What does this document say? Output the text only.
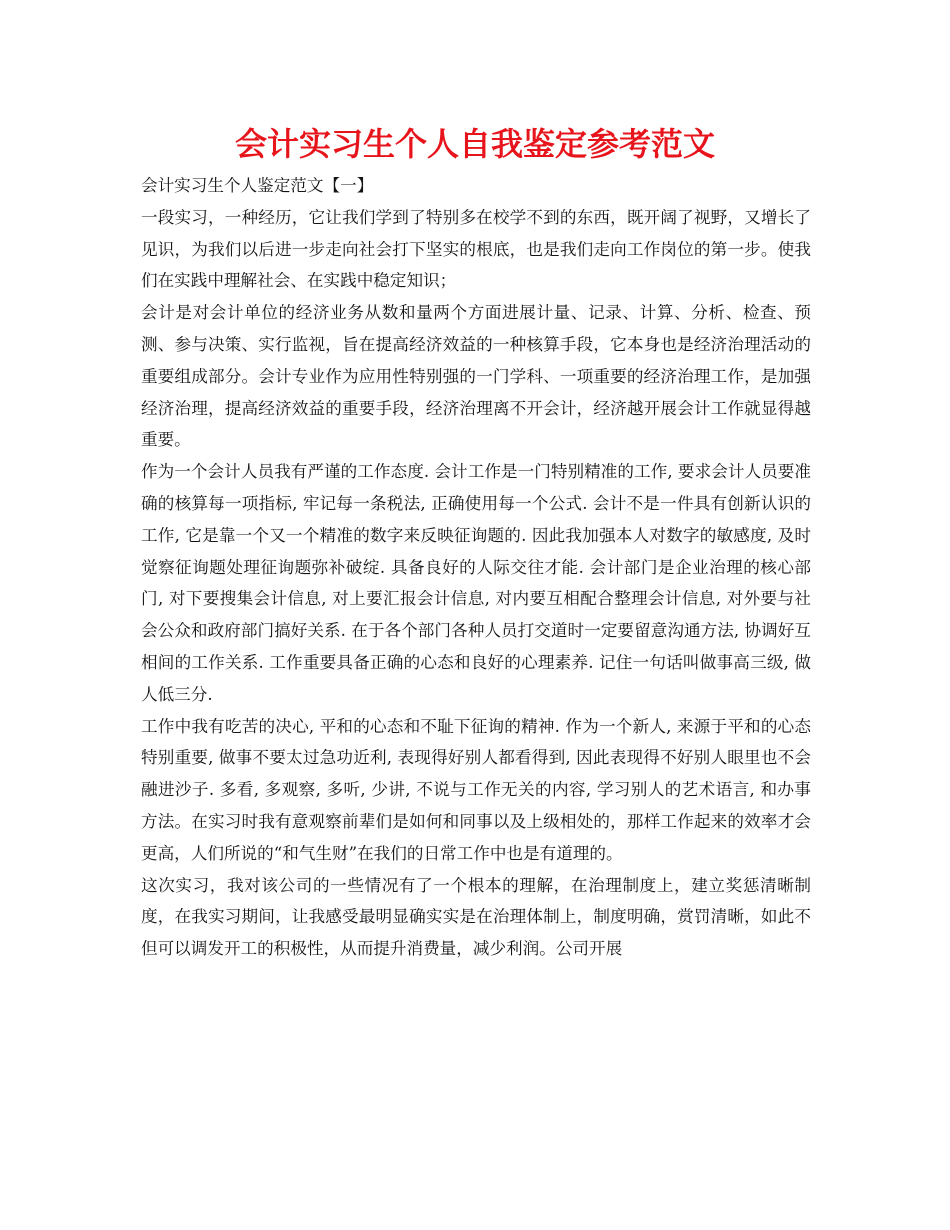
会计实习生个人自我鉴定参考范文

会计实习生个人鉴定范文【一】

一段实习，一种经历，它让我们学到了特别多在校学不到的东西，既开阔了视野，又增长了见识，为我们以后进一步走向社会打下坚实的根底，也是我们走向工作岗位的第一步。使我们在实践中理解社会、在实践中稳定知识；

会计是对会计单位的经济业务从数和量两个方面进展计量、记录、计算、分析、检查、预测、参与决策、实行监视，旨在提高经济效益的一种核算手段，它本身也是经济治理活动的重要组成部分。会计专业作为应用性特别强的一门学科、一项重要的经济治理工作，是加强经济治理，提高经济效益的重要手段，经济治理离不开会计，经济越开展会计工作就显得越重要。

作为一个会计人员我有严谨的工作态度. 会计工作是一门特别精准的工作, 要求会计人员要准确的核算每一项指标, 牢记每一条税法, 正确使用每一个公式. 会计不是一件具有创新认识的工作, 它是靠一个又一个精准的数字来反映征询题的. 因此我加强本人对数字的敏感度, 及时觉察征询题处理征询题弥补破绽. 具备良好的人际交往才能. 会计部门是企业治理的核心部门, 对下要搜集会计信息, 对上要汇报会计信息, 对内要互相配合整理会计信息, 对外要与社会公众和政府部门搞好关系. 在于各个部门各种人员打交道时一定要留意沟通方法, 协调好互相间的工作关系. 工作重要具备正确的心态和良好的心理素养. 记住一句话叫做事高三级, 做人低三分.

工作中我有吃苦的决心, 平和的心态和不耻下征询的精神. 作为一个新人, 来源于平和的心态特别重要, 做事不要太过急功近利, 表现得好别人都看得到, 因此表现得不好别人眼里也不会融进沙子. 多看, 多观察, 多听, 少讲, 不说与工作无关的内容, 学习别人的艺术语言, 和办事方法。在实习时我有意观察前辈们是如何和同事以及上级相处的，那样工作起来的效率才会更高，人们所说的“和气生财”在我们的日常工作中也是有道理的。

这次实习，我对该公司的一些情况有了一个根本的理解，在治理制度上，建立奖惩清晰制度，在我实习期间，让我感受最明显确实实是在治理体制上，制度明确，赏罚清晰，如此不但可以调发开工的积极性，从而提升消费量，减少利润。公司开展
